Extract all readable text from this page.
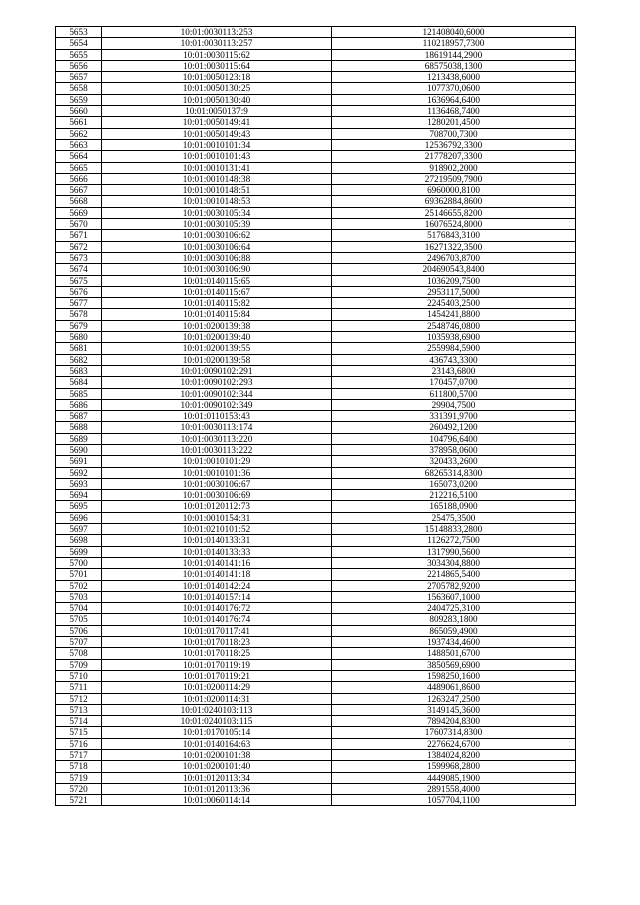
5653	10:01:0030113:253	121408040,6000
5654	10:01:0030113:257	110218957,7300
5655	10:01:0030115:62	18619144,2900
5656	10:01:0030115:64	68575038,1300
5657	10:01:0050123:18	1213438,6000
5658	10:01:0050130:25	1077370,0600
5659	10:01:0050130:40	1636964,6400
5660	10:01:0050137:9	1136468,7400
5661	10:01:0050149:41	1280201,4500
5662	10:01:0050149:43	708700,7300
5663	10:01:0010101:34	12536792,3300
5664	10:01:0010101:43	21778207,3300
5665	10:01:0010131:41	918902,2000
5666	10:01:0010148:38	27219509,7900
5667	10:01:0010148:51	6960000,8100
5668	10:01:0010148:53	69362884,8600
5669	10:01:0030105:34	25146655,8200
5670	10:01:0030105:39	16076524,8000
5671	10:01:0030106:62	5176843,3100
5672	10:01:0030106:64	16271322,3500
5673	10:01:0030106:88	2496703,8700
5674	10:01:0030106:90	204690543,8400
5675	10:01:0140115:65	1036209,7500
5676	10:01:0140115:67	2953117,5000
5677	10:01:0140115:82	2245403,2500
5678	10:01:0140115:84	1454241,8800
5679	10:01:0200139:38	2548746,0800
5680	10:01:0200139:40	1035938,6900
5681	10:01:0200139:55	2559984,5900
5682	10:01:0200139:58	436743,3300
5683	10:01:0090102:291	23143,6800
5684	10:01:0090102:293	170457,0700
5685	10:01:0090102:344	611800,5700
5686	10:01:0090102:349	29904,7500
5687	10:01:0110153:43	331391,9700
5688	10:01:0030113:174	260492,1200
5689	10:01:0030113:220	104796,6400
5690	10:01:0030113:222	378958,0600
5691	10:01:0010101:29	320433,2600
5692	10:01:0010101:36	68265314,8300
5693	10:01:0030106:67	165073,0200
5694	10:01:0030106:69	212216,5100
5695	10:01:0120112:73	165188,0900
5696	10:01:0010154:31	25475,3500
5697	10:01:0210101:52	15148833,2800
5698	10:01:0140133:31	1126272,7500
5699	10:01:0140133:33	1317990,5600
5700	10:01:0140141:16	3034304,8800
5701	10:01:0140141:18	2214865,5400
5702	10:01:0140142:24	2705782,9200
5703	10:01:0140157:14	1563607,1000
5704	10:01:0140176:72	2404725,3100
5705	10:01:0140176:74	809283,1800
5706	10:01:0170117:41	865059,4900
5707	10:01:0170118:23	1937434,4600
5708	10:01:0170118:25	1488501,6700
5709	10:01:0170119:19	3850569,6900
5710	10:01:0170119:21	1598250,1600
5711	10:01:0200114:29	4489061,8600
5712	10:01:0200114:31	1263247,2500
5713	10:01:0240103:113	3149145,3600
5714	10:01:0240103:115	7894204,8300
5715	10:01:0170105:14	17607314,8300
5716	10:01:0140164:63	2276624,6700
5717	10:01:0200101:38	1384024,8200
5718	10:01:0200101:40	1599968,2800
5719	10:01:0120113:34	4449085,1900
5720	10:01:0120113:36	2891558,4000
5721	10:01:0060114:14	1057704,1100
